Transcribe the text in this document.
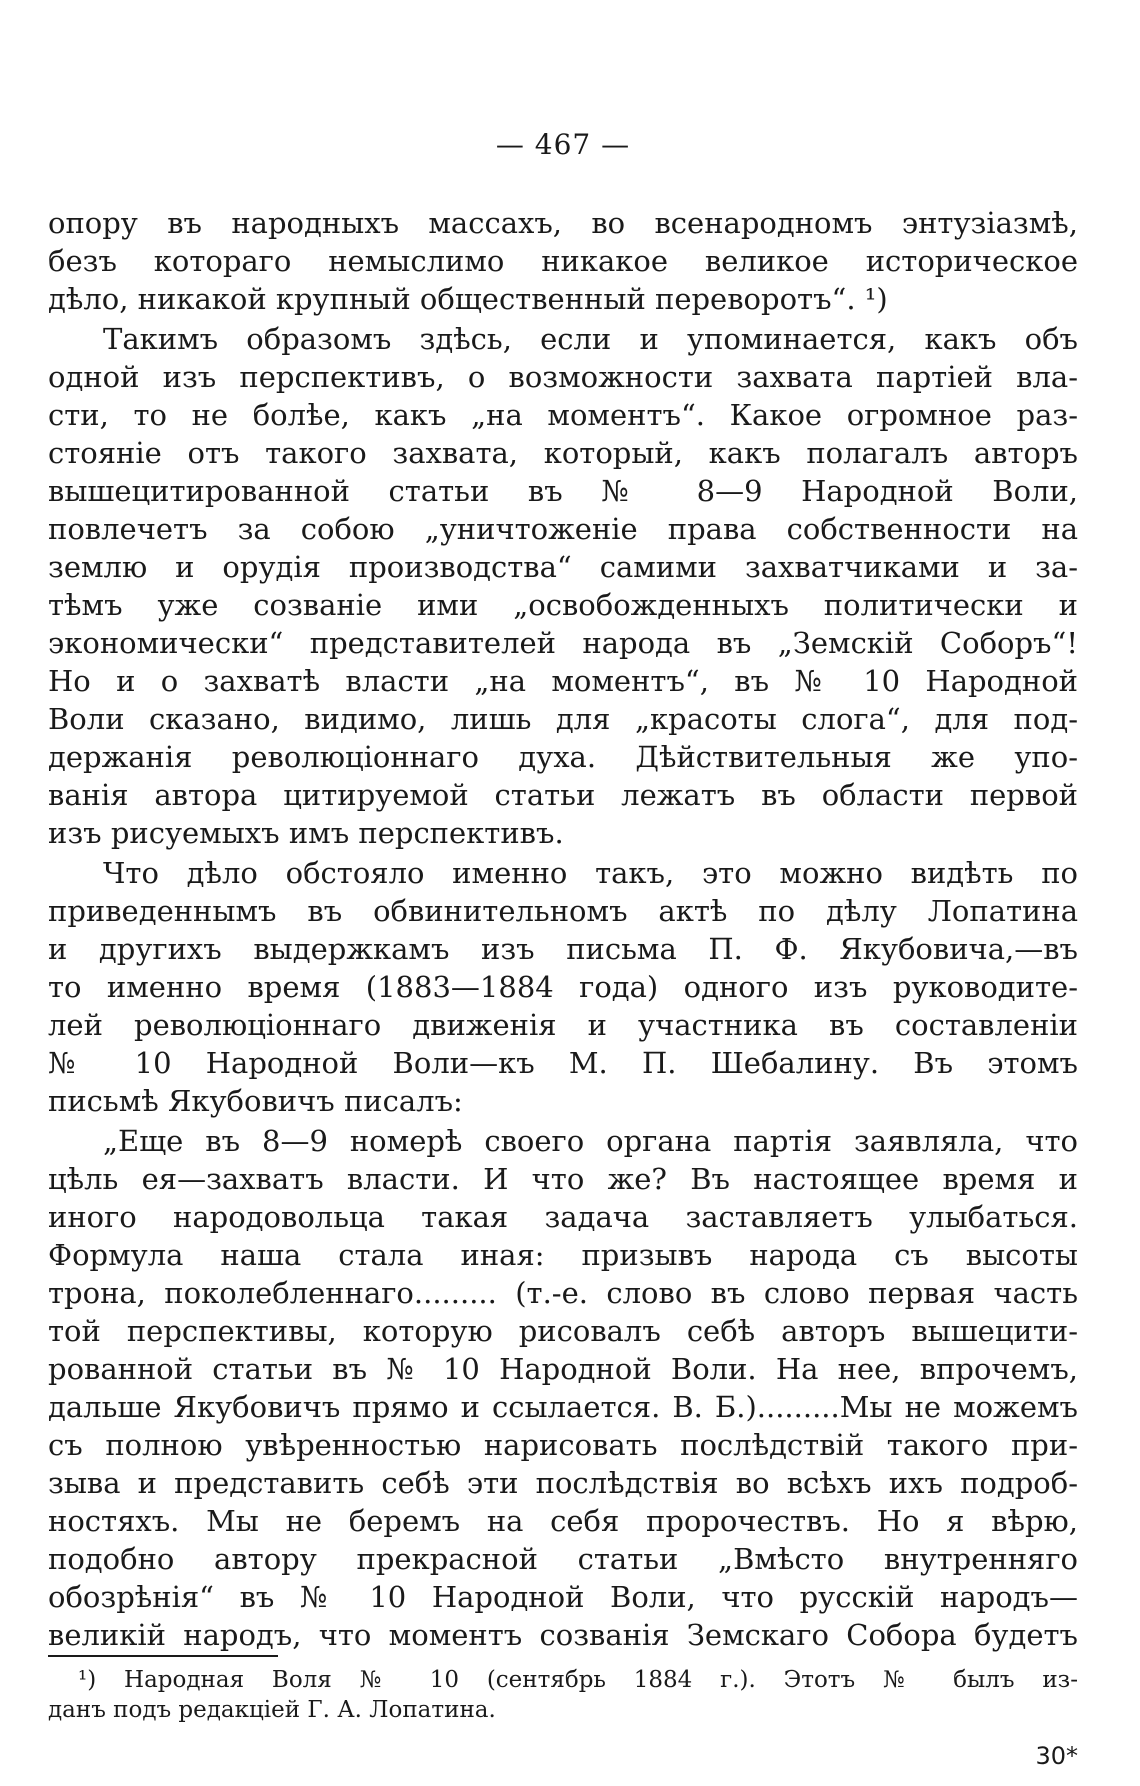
— 467 —
опору въ народныхъ массахъ, во всенародномъ энтузіазмѣ,
безъ котораго немыслимо никакое великое историческое
дѣло, никакой крупный общественный переворотъ“. ¹)
Такимъ образомъ здѣсь, если и упоминается, какъ объ
одной изъ перспективъ, о возможности захвата партіей вла-
сти, то не болѣе, какъ „на моментъ“. Какое огромное раз-
стояніе отъ такого захвата, который, какъ полагалъ авторъ
вышецитированной статьи въ № 8—9 Народной Воли,
повлечетъ за собою „уничтоженіе права собственности на
землю и орудія производства“ самими захватчиками и за-
тѣмъ уже созваніе ими „освобожденныхъ политически и
экономически“ представителей народа въ „Земскій Соборъ“!
Но и о захватѣ власти „на моментъ“, въ № 10 Народной
Воли сказано, видимо, лишь для „красоты слога“, для под-
держанія революціоннаго духа. Дѣйствительныя же упо-
ванія автора цитируемой статьи лежатъ въ области первой
изъ рисуемыхъ имъ перспективъ.
Что дѣло обстояло именно такъ, это можно видѣть по
приведеннымъ въ обвинительномъ актѣ по дѣлу Лопатина
и другихъ выдержкамъ изъ письма П. Ф. Якубовича,—въ
то именно время (1883—1884 года) одного изъ руководите-
лей революціоннаго движенія и участника въ составленіи
№ 10 Народной Воли—къ М. П. Шебалину. Въ этомъ
письмѣ Якубовичъ писалъ:
„Еще въ 8—9 номерѣ своего органа партія заявляла, что
цѣль ея—захватъ власти. И что же? Въ настоящее время и
иного народовольца такая задача заставляетъ улыбаться.
Формула наша стала иная: призывъ народа съ высоты
трона, поколебленнаго......... (т.-е. слово въ слово первая часть
той перспективы, которую рисовалъ себѣ авторъ вышецити-
рованной статьи въ № 10 Народной Воли. На нее, впрочемъ,
дальше Якубовичъ прямо и ссылается. В. Б.).........Мы не можемъ
съ полною увѣренностью нарисовать послѣдствій такого при-
зыва и представить себѣ эти послѣдствія во всѣхъ ихъ подроб-
ностяхъ. Мы не беремъ на себя пророчествъ. Но я вѣрю,
подобно автору прекрасной статьи „Вмѣсто внутренняго
обозрѣнія“ въ № 10 Народной Воли, что русскій народъ—
великій народъ, что моментъ созванія Земскаго Собора будетъ
¹) Народная Воля № 10 (сентябрь 1884 г.). Этотъ № былъ из-
данъ подъ редакціей Г. А. Лопатина.
30*
